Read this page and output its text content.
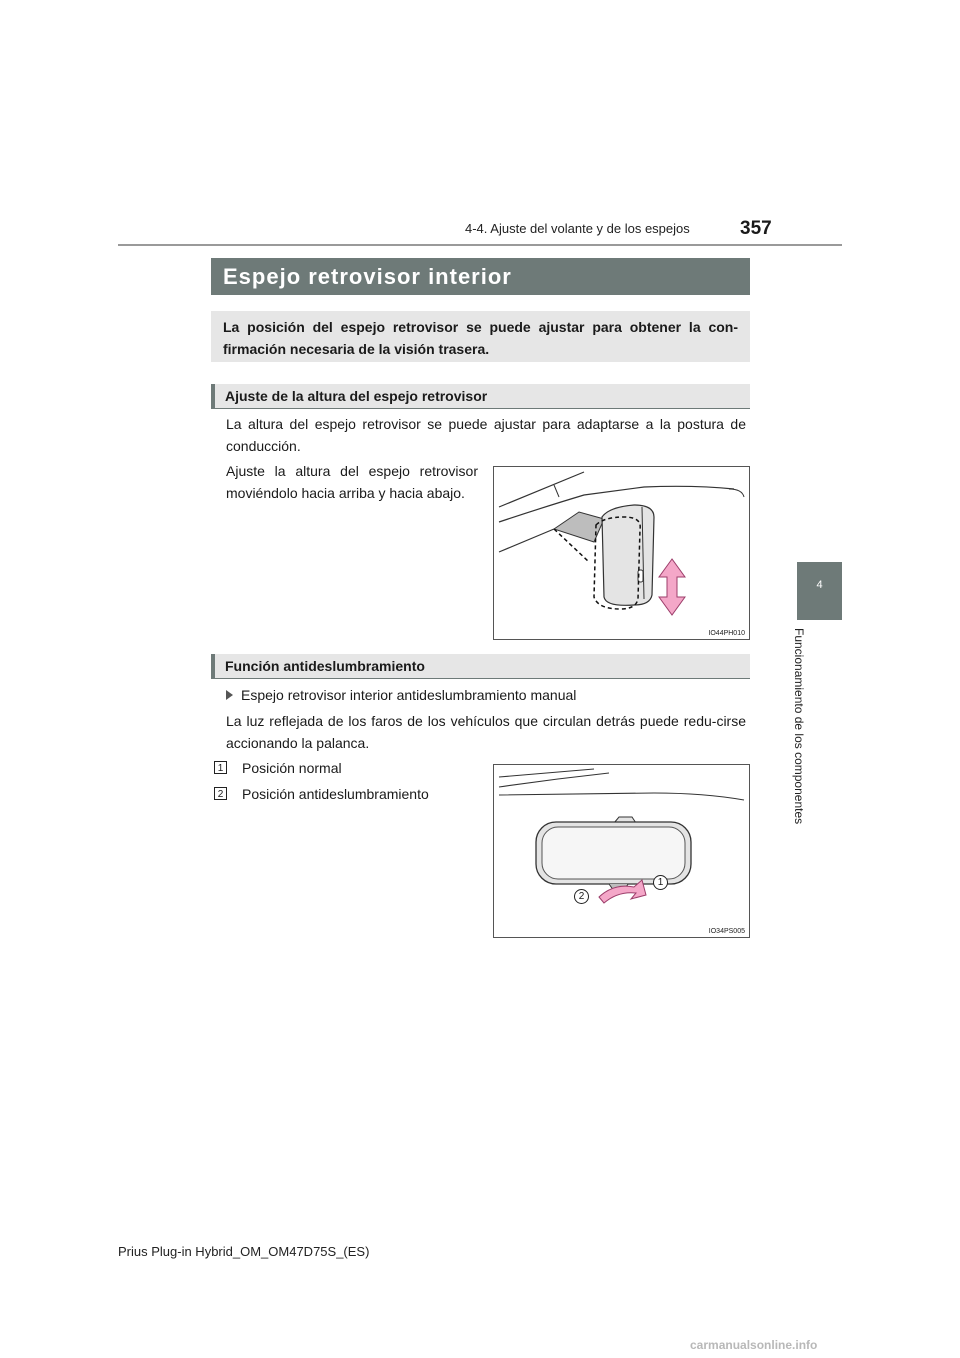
4-4. Ajuste del volante y de los espejos	357
4
Funcionamiento de los componentes
Espejo retrovisor interior
La posición del espejo retrovisor se puede ajustar para obtener la con-firmación necesaria de la visión trasera.
Ajuste de la altura del espejo retrovisor
La altura del espejo retrovisor se puede ajustar para adaptarse a la postura de conducción.
Ajuste la altura del espejo retrovisor moviéndolo hacia arriba y hacia abajo.
IO44PH010
Función antideslumbramiento
Espejo retrovisor interior antideslumbramiento manual
La luz reflejada de los faros de los vehículos que circulan detrás puede redu-cirse accionando la palanca.
1 Posición normal
2 Posición antideslumbramiento
1
2
IO34PS005
Prius Plug-in Hybrid_OM_OM47D75S_(ES)
carmanualsonline.info
